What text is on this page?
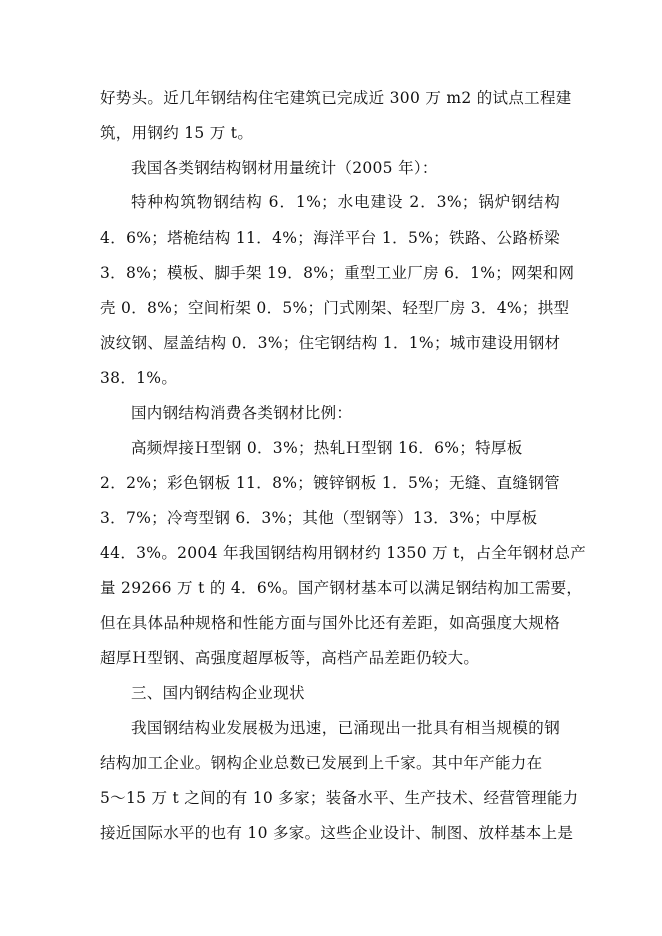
好势头。近几年钢结构住宅建筑已完成近 300 万 m2 的试点工程建
筑，用钢约 15 万 t。
我国各类钢结构钢材用量统计（2005 年）：
特种构筑物钢结构 6．1%；水电建设 2．3%；锅炉钢结构
4．6%；塔桅结构 11．4%；海洋平台 1．5%；铁路、公路桥梁
3．8%；模板、脚手架 19．8%；重型工业厂房 6．1%；网架和网
壳 0．8%；空间桁架 0．5%；门式刚架、轻型厂房 3．4%；拱型
波纹钢、屋盖结构 0．3%；住宅钢结构 1．1%；城市建设用钢材
38．1%。
国内钢结构消费各类钢材比例：
高频焊接Ｈ型钢 0．3%；热轧Ｈ型钢 16．6%；特厚板
2．2%；彩色钢板 11．8%；镀锌钢板 1．5%；无缝、直缝钢管
3．7%；冷弯型钢 6．3%；其他（型钢等）13．3%；中厚板
44．3%。2004 年我国钢结构用钢材约 1350 万 t，占全年钢材总产
量 29266 万 t 的 4．6%。国产钢材基本可以满足钢结构加工需要，
但在具体品种规格和性能方面与国外比还有差距，如高强度大规格
超厚Ｈ型钢、高强度超厚板等，高档产品差距仍较大。
三、国内钢结构企业现状
我国钢结构业发展极为迅速，已涌现出一批具有相当规模的钢
结构加工企业。钢构企业总数已发展到上千家。其中年产能力在
5～15 万 t 之间的有 10 多家；装备水平、生产技术、经营管理能力
接近国际水平的也有 10 多家。这些企业设计、制图、放样基本上是
